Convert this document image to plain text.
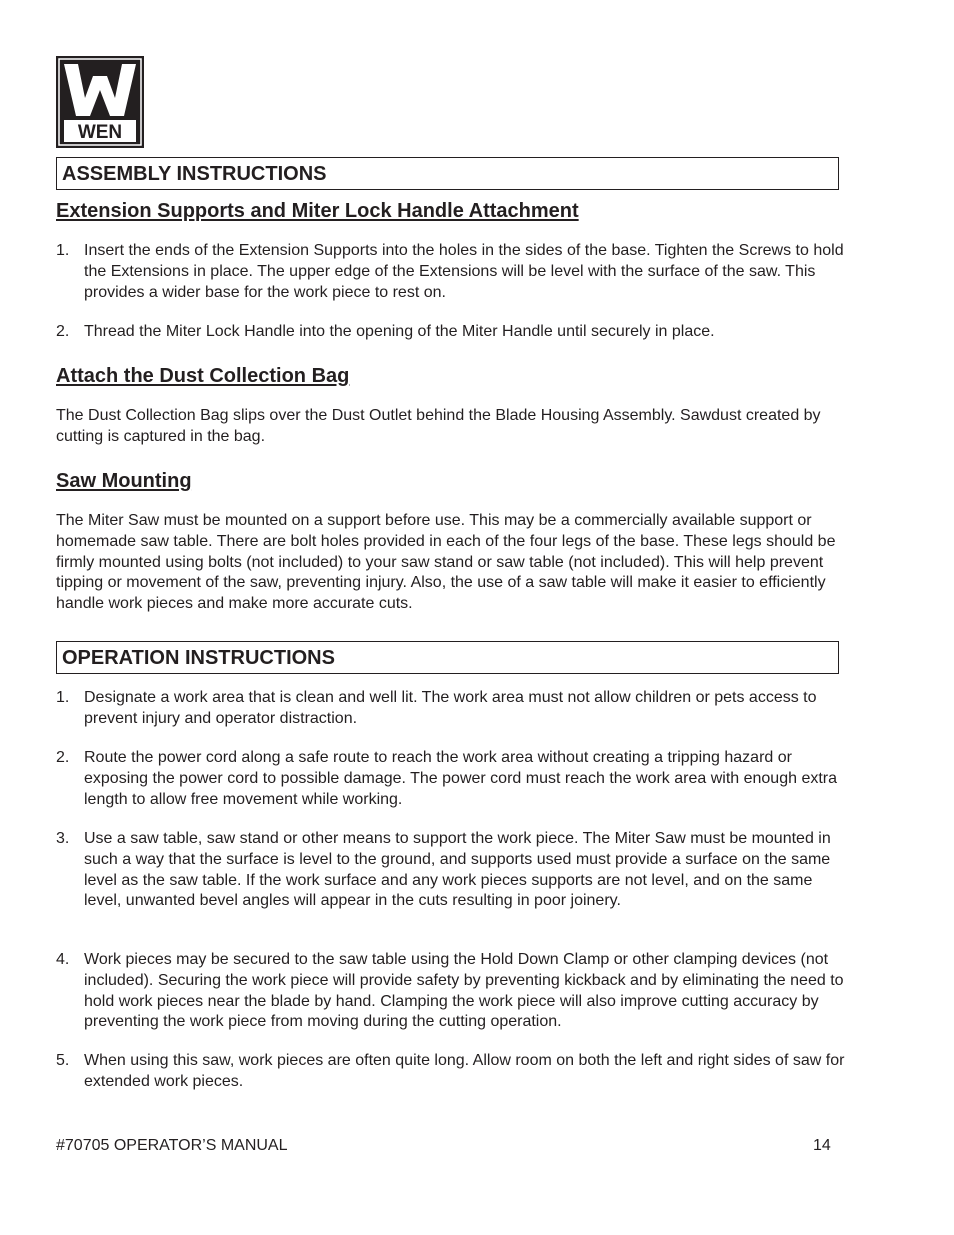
WEN
ASSEMBLY INSTRUCTIONS
Extension Supports and Miter Lock Handle Attachment
1. Insert the ends of the Extension Supports into the holes in the sides of the base. Tighten the Screws to hold the Extensions in place. The upper edge of the Extensions will be level with the surface of the saw. This provides a wider base for the work piece to rest on.

2. Thread the Miter Lock Handle into the opening of the Miter Handle until securely in place.

Attach the Dust Collection Bag

The Dust Collection Bag slips over the Dust Outlet behind the Blade Housing Assembly. Sawdust created by cutting is captured in the bag.

Saw Mounting

The Miter Saw must be mounted on a support before use. This may be a commercially available support or homemade saw table. There are bolt holes provided in each of the four legs of the base. These legs should be firmly mounted using bolts (not included) to your saw stand or saw table (not included). This will help prevent tipping or movement of the saw, preventing injury. Also, the use of a saw table will make it easier to efficiently handle work pieces and make more accurate cuts.

OPERATION INSTRUCTIONS
1. Designate a work area that is clean and well lit. The work area must not allow children or pets access to prevent injury and operator distraction.

2. Route the power cord along a safe route to reach the work area without creating a tripping hazard or exposing the power cord to possible damage. The power cord must reach the work area with enough extra length to allow free movement while working.

3. Use a saw table, saw stand or other means to support the work piece. The Miter Saw must be mounted in such a way that the surface is level to the ground, and supports used must provide a surface on the same level as the saw table. If the work surface and any work pieces supports are not level, and on the same level, unwanted bevel angles will appear in the cuts resulting in poor joinery.

4. Work pieces may be secured to the saw table using the Hold Down Clamp or other clamping devices (not included). Securing the work piece will provide safety by preventing kickback and by eliminating the need to hold work pieces near the blade by hand. Clamping the work piece will also improve cutting accuracy by preventing the work piece from moving during the cutting operation.

5. When using this saw, work pieces are often quite long. Allow room on both the left and right sides of saw for extended work pieces.

#70705 OPERATOR’S MANUAL	14
